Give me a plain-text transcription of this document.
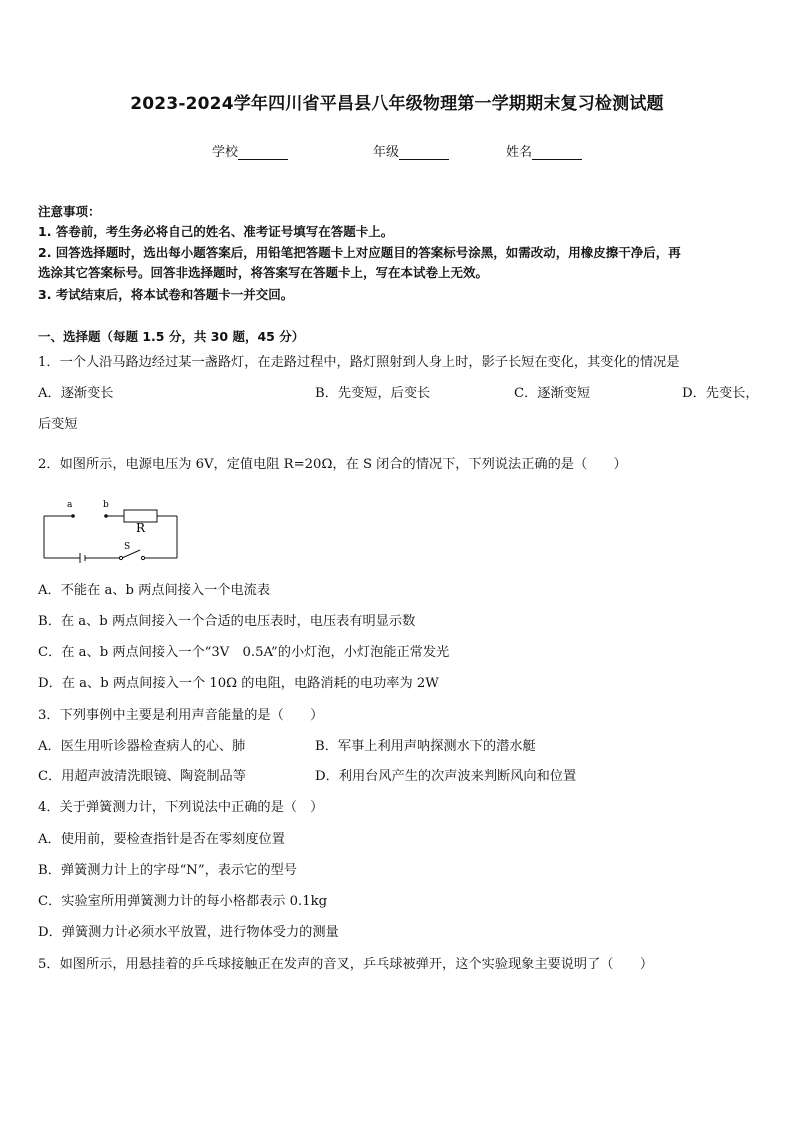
2023-2024学年四川省平昌县八年级物理第一学期期末复习检测试题
学校	年级	姓名
注意事项：
1. 答卷前，考生务必将自己的姓名、准考证号填写在答题卡上。
2. 回答选择题时，选出每小题答案后，用铅笔把答题卡上对应题目的答案标号涂黑，如需改动，用橡皮擦干净后，再
选涂其它答案标号。回答非选择题时，将答案写在答题卡上，写在本试卷上无效。
3. 考试结束后，将本试卷和答题卡一并交回。
一、选择题（每题 1.5 分，共 30 题，45 分）
1．一个人沿马路边经过某一盏路灯，在走路过程中，路灯照射到人身上时，影子长短在变化，其变化的情况是
A．逐渐变长	B．先变短，后变长	C．逐渐变短	D．先变长，
后变短
2．如图所示，电源电压为 6V，定值电阻 R=20Ω，在 S 闭合的情况下，下列说法正确的是（　　）
a	b
R
S
A．不能在 a、b 两点间接入一个电流表
B．在 a、b 两点间接入一个合适的电压表时，电压表有明显示数
C．在 a、b 两点间接入一个“3V　0.5A”的小灯泡，小灯泡能正常发光
D．在 a、b 两点间接入一个 10Ω 的电阻，电路消耗的电功率为 2W
3．下列事例中主要是利用声音能量的是（　　）
A．医生用听诊器检查病人的心、肺	B．军事上利用声呐探测水下的潜水艇
C．用超声波清洗眼镜、陶瓷制品等	D．利用台风产生的次声波来判断风向和位置
4．关于弹簧测力计，下列说法中正确的是（　）
A．使用前，要检查指针是否在零刻度位置
B．弹簧测力计上的字母“N”，表示它的型号
C．实验室所用弹簧测力计的每小格都表示 0.1kg
D．弹簧测力计必须水平放置，进行物体受力的测量
5．如图所示，用悬挂着的乒乓球接触正在发声的音叉，乒乓球被弹开，这个实验现象主要说明了（　　）
